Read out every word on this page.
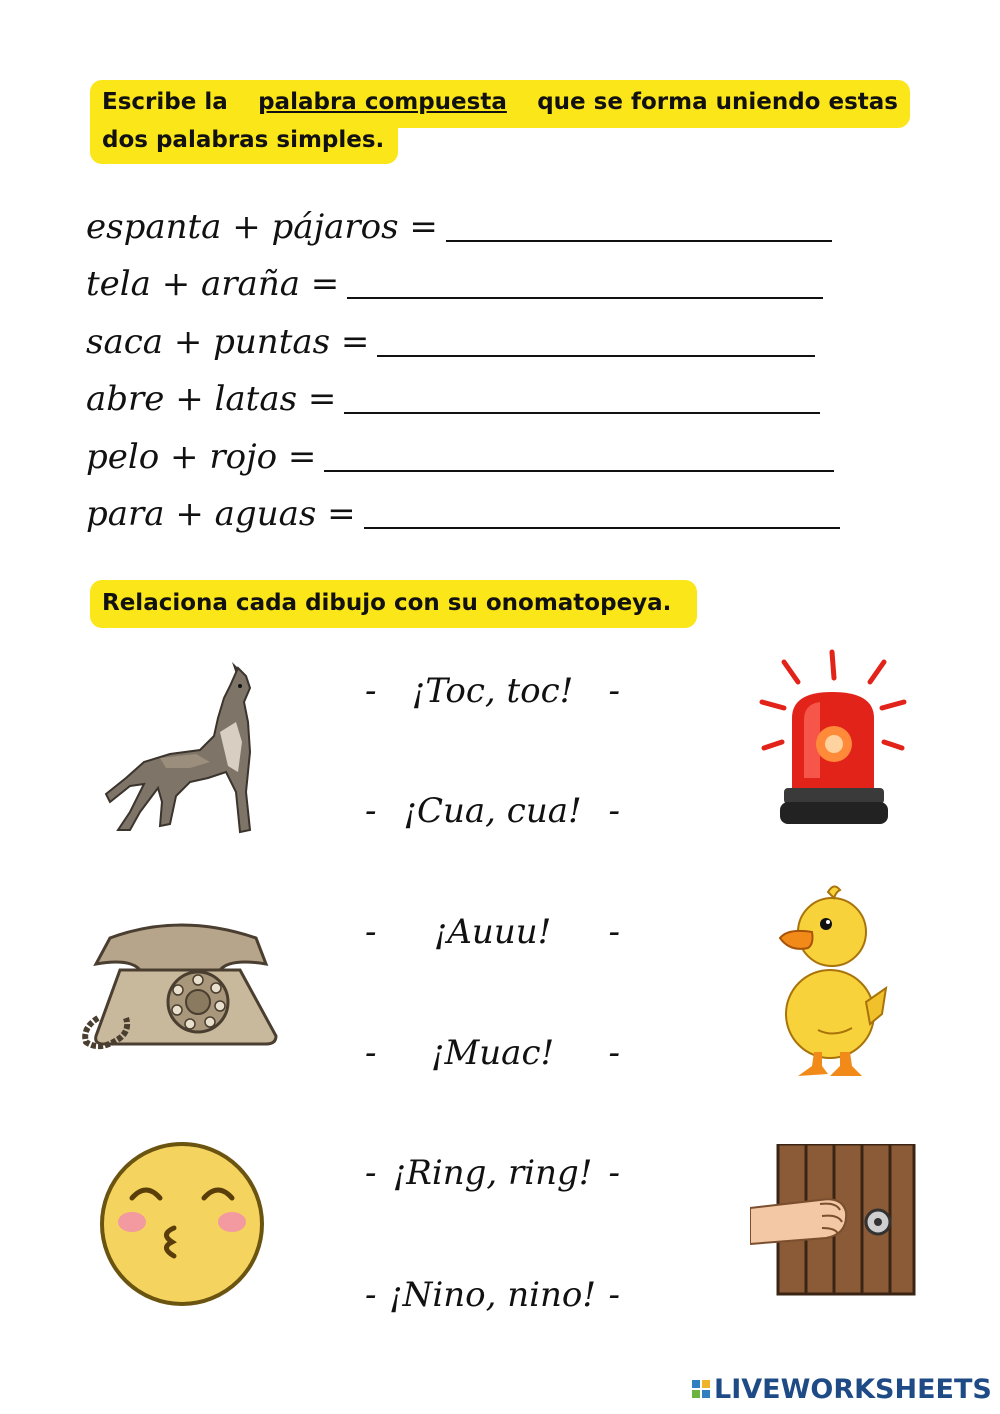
Escribe la palabra compuesta que se forma uniendo estas
dos palabras simples.
espanta + pájaros =
tela + araña =
saca + puntas =
abre + latas =
pelo + rojo =
para + aguas =
Relaciona cada dibujo con su onomatopeya.
- ¡Toc, toc! -
- ¡Cua, cua! -
- ¡Auuu! -
- ¡Muac! -
- ¡Ring, ring! -
- ¡Nino, nino! -
LIVEWORKSHEETS
